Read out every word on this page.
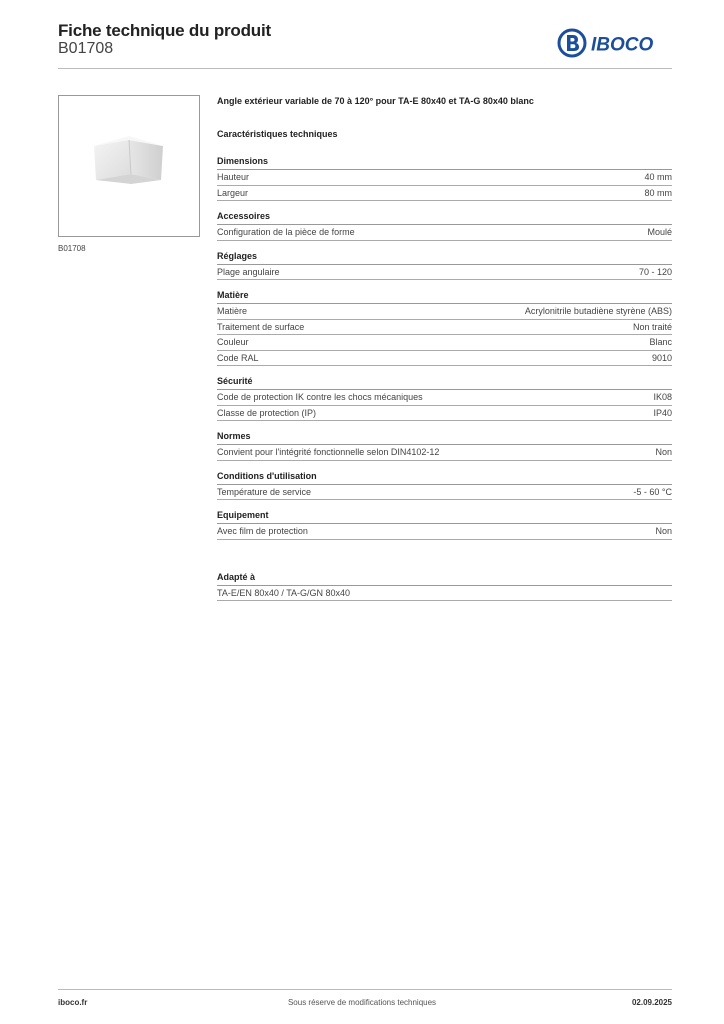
Fiche technique du produit
B01708	IBOCO
B01708

Angle extérieur variable de 70 à 120° pour TA-E 80x40 et TA-G 80x40 blanc

Caractéristiques techniques

Dimensions
Hauteur	40 mm
Largeur	80 mm
Accessoires
Configuration de la pièce de forme	Moulé
Réglages
Plage angulaire	70 - 120
Matière
Matière	Acrylonitrile butadiène styrène (ABS)
Traitement de surface	Non traité
Couleur	Blanc
Code RAL	9010
Sécurité
Code de protection IK contre les chocs mécaniques	IK08
Classe de protection (IP)	IP40
Normes
Convient pour l'intégrité fonctionnelle selon DIN4102-12	Non
Conditions d'utilisation
Température de service	-5 - 60 °C
Equipement
Avec film de protection	Non
Adapté à
TA-E/EN 80x40 / TA-G/GN 80x40
iboco.fr	Sous réserve de modifications techniques	02.09.2025
